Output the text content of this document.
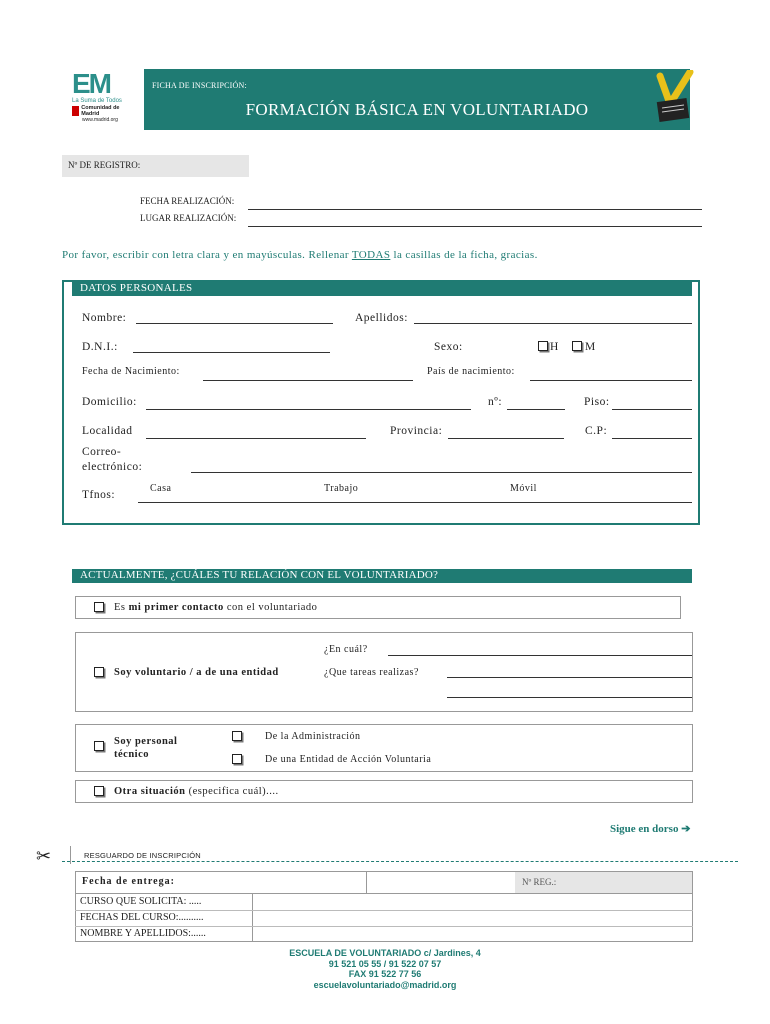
EM
La Suma de Todos
Comunidad de Madrid
www.madrid.org
FICHA DE INSCRIPCIÓN:
FORMACIÓN BÁSICA EN VOLUNTARIADO
Nº DE REGISTRO:
FECHA REALIZACIÓN:
LUGAR REALIZACIÓN:
Por favor, escribir con letra clara y en mayúsculas. Rellenar TODAS la casillas de la ficha, gracias.
DATOS PERSONALES
Nombre:	Apellidos:
D.N.I.:	Sexo:	H M
Fecha de Nacimiento:	País de nacimiento:
Domicilio:	nº:	Piso:
Localidad	Provincia:	C.P:
Correo-
electrónico:
Tfnos:
Casa	Trabajo	Móvil
ACTUALMENTE, ¿CUÁLES TU RELACIÓN CON EL VOLUNTARIADO?
Es mi primer contacto con el voluntariado
¿En cuál?
Soy voluntario / a de una entidad	¿Que tareas realizas?
Soy personal
técnico
De la Administración
De una Entidad de Acción Voluntaria
Otra situación (especifica cuál)....
Sigue en dorso ➔
✂	RESGUARDO DE INSCRIPCIÓN
Fecha de entrega:	Nº REG.:
CURSO QUE SOLICITA: .....
FECHAS DEL CURSO:..........
NOMBRE Y APELLIDOS:......
ESCUELA DE VOLUNTARIADO c/ Jardines, 4
91 521 05 55 / 91 522 07 57
FAX 91 522 77 56
escuelavoluntariado@madrid.org
